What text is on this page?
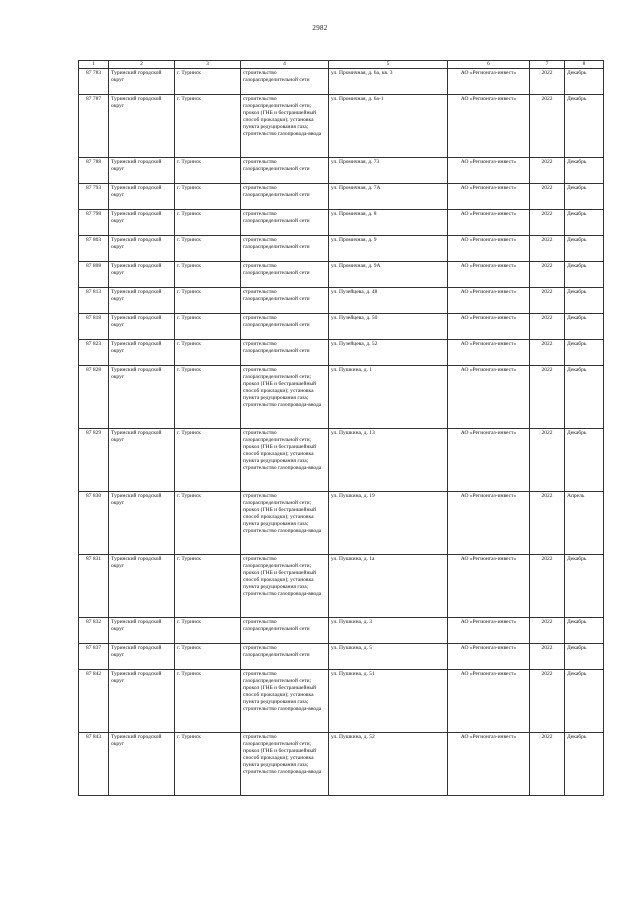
2982
1	2	3	4	5	6	7	8
87 783	Туринский городской округ	г. Туринск	строительство газораспределительной сети	ул. Промичная, д. 6а, кв. 3	АО «Регионгаз-инвест»	2022	Декабрь
87 787	Туринский городской округ	г. Туринск	строительство газораспределительной сети; прокол (ГНБ и бестраншейный способ прокладки); установка пункта редуцирования газа; строительство газопровода-ввода	ул. Промичная, д. 6а-1	АО «Регионгаз-инвест»	2022	Декабрь
87 788	Туринский городской округ	г. Туринск	строительство газораспределительной сети	ул. Промичная, д. 73	АО «Регионгаз-инвест»	2022	Декабрь
87 793	Туринский городской округ	г. Туринск	строительство газораспределительной сети	ул. Промичная, д. 7А	АО «Регионгаз-инвест»	2022	Декабрь
87 798	Туринский городской округ	г. Туринск	строительство газораспределительной сети	ул. Промичная, д. 8	АО «Регионгаз-инвест»	2022	Декабрь
87 803	Туринский городской округ	г. Туринск	строительство газораспределительной сети	ул. Промичная, д. 9	АО «Регионгаз-инвест»	2022	Декабрь
87 808	Туринский городской округ	г. Туринск	строительство газораспределительной сети	ул. Промичная, д. 9А	АО «Регионгаз-инвест»	2022	Декабрь
87 813	Туринский городской округ	г. Туринск	строительство газораспределительной сети	ул. Пузейцева, д. 48	АО «Регионгаз-инвест»	2022	Декабрь
87 818	Туринский городской округ	г. Туринск	строительство газораспределительной сети	ул. Пузейцева, д. 50	АО «Регионгаз-инвест»	2022	Декабрь
87 823	Туринский городской округ	г. Туринск	строительство газораспределительной сети	ул. Пузейцева, д. 52	АО «Регионгаз-инвест»	2022	Декабрь
87 828	Туринский городской округ	г. Туринск	строительство газораспределительной сети; прокол (ГНБ и бестраншейный способ прокладки); установка пункта редуцирования газа; строительство газопровода-ввода	ул. Пушкина, д. 1	АО «Регионгаз-инвест»	2022	Декабрь
87 829	Туринский городской округ	г. Туринск	строительство газораспределительной сети; прокол (ГНБ и бестраншейный способ прокладки); установка пункта редуцирования газа; строительство газопровода-ввода	ул. Пушкина, д. 13	АО «Регионгаз-инвест»	2022	Декабрь
87 830	Туринский городской округ	г. Туринск	строительство газораспределительной сети; прокол (ГНБ и бестраншейный способ прокладки); установка пункта редуцирования газа; строительство газопровода-ввода	ул. Пушкина, д. 19	АО «Регионгаз-инвест»	2022	Апрель
87 831	Туринский городской округ	г. Туринск	строительство газораспределительной сети; прокол (ГНБ и бестраншейный способ прокладки); установка пункта редуцирования газа; строительство газопровода-ввода	ул. Пушкина, д. 1а	АО «Регионгаз-инвест»	2022	Декабрь
87 832	Туринский городской округ	г. Туринск	строительство газораспределительной сети	ул. Пушкина, д. 3	АО «Регионгаз-инвест»	2022	Декабрь
87 837	Туринский городской округ	г. Туринск	строительство газораспределительной сети	ул. Пушкина, д. 5	АО «Регионгаз-инвест»	2022	Декабрь
87 842	Туринский городской округ	г. Туринск	строительство газораспределительной сети; прокол (ГНБ и бестраншейный способ прокладки); установка пункта редуцирования газа; строительство газопровода-ввода	ул. Пушкина, д. 51	АО «Регионгаз-инвест»	2022	Декабрь
87 843	Туринский городской округ	г. Туринск	строительство газораспределительной сети; прокол (ГНБ и бестраншейный способ прокладки); установка пункта редуцирования газа; строительство газопровода-ввода	ул. Пушкина, д. 52	АО «Регионгаз-инвест»	2022	Декабрь
